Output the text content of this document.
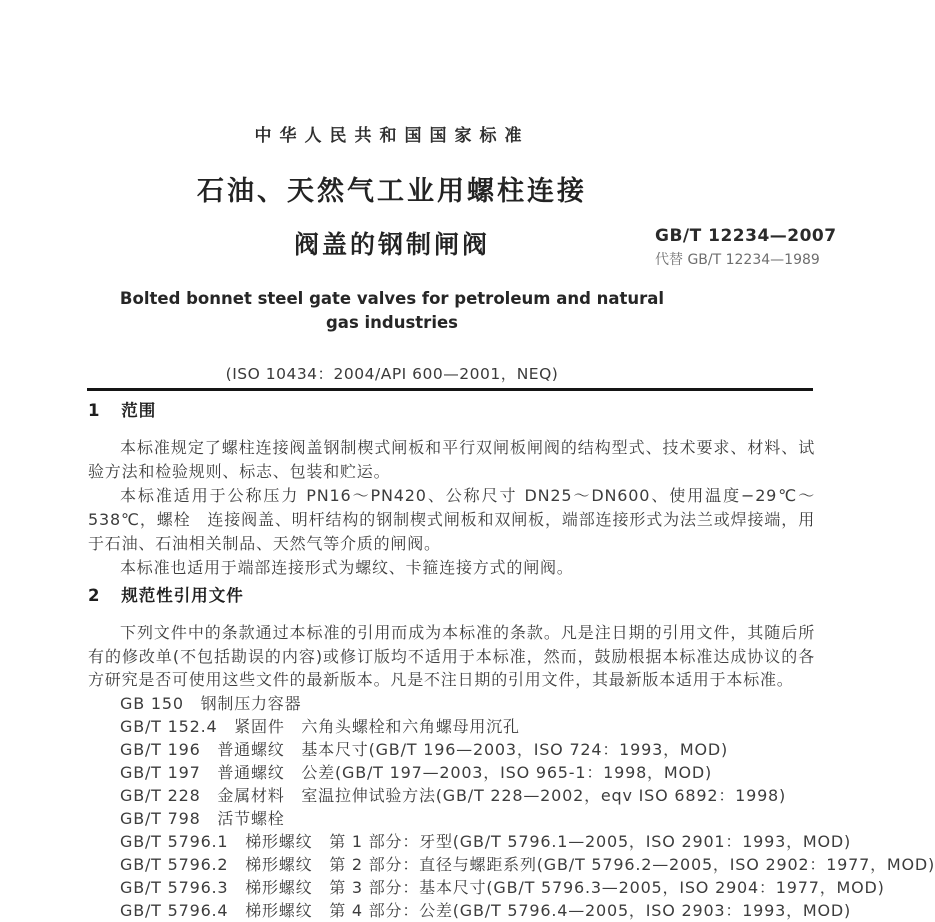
中华人民共和国国家标准
石油、天然气工业用螺柱连接
阀盖的钢制闸阀	GB/T 12234—2007
代替 GB/T 12234—1989
Bolted bonnet steel gate valves for petroleum and natural
gas industries
(ISO 10434：2004/API 600—2001，NEQ)
1 范围

本标准规定了螺柱连接阀盖钢制楔式闸板和平行双闸板闸阀的结构型式、技术要求、材料、试验方法和检验规则、标志、包装和贮运。

本标准适用于公称压力 PN16～PN420、公称尺寸 DN25～DN600、使用温度−29℃～538℃，螺栓　连接阀盖、明杆结构的钢制楔式闸板和双闸板，端部连接形式为法兰或焊接端，用于石油、石油相关制品、天然气等介质的闸阀。

本标准也适用于端部连接形式为螺纹、卡箍连接方式的闸阀。

2 规范性引用文件

下列文件中的条款通过本标准的引用而成为本标准的条款。凡是注日期的引用文件，其随后所有的修改单(不包括勘误的内容)或修订版均不适用于本标准，然而，鼓励根据本标准达成协议的各方研究是否可使用这些文件的最新版本。凡是不注日期的引用文件，其最新版本适用于本标准。

GB 150　钢制压力容器
GB/T 152.4　紧固件　六角头螺栓和六角螺母用沉孔
GB/T 196　普通螺纹　基本尺寸(GB/T 196—2003，ISO 724：1993，MOD)
GB/T 197　普通螺纹　公差(GB/T 197—2003，ISO 965-1：1998，MOD)
GB/T 228　金属材料　室温拉伸试验方法(GB/T 228—2002，eqv ISO 6892：1998)
GB/T 798　活节螺栓
GB/T 5796.1　梯形螺纹　第 1 部分：牙型(GB/T 5796.1—2005，ISO 2901：1993，MOD)
GB/T 5796.2　梯形螺纹　第 2 部分：直径与螺距系列(GB/T 5796.2—2005，ISO 2902：1977，MOD)
GB/T 5796.3　梯形螺纹　第 3 部分：基本尺寸(GB/T 5796.3—2005，ISO 2904：1977，MOD)
GB/T 5796.4　梯形螺纹　第 4 部分：公差(GB/T 5796.4—2005，ISO 2903：1993，MOD)
